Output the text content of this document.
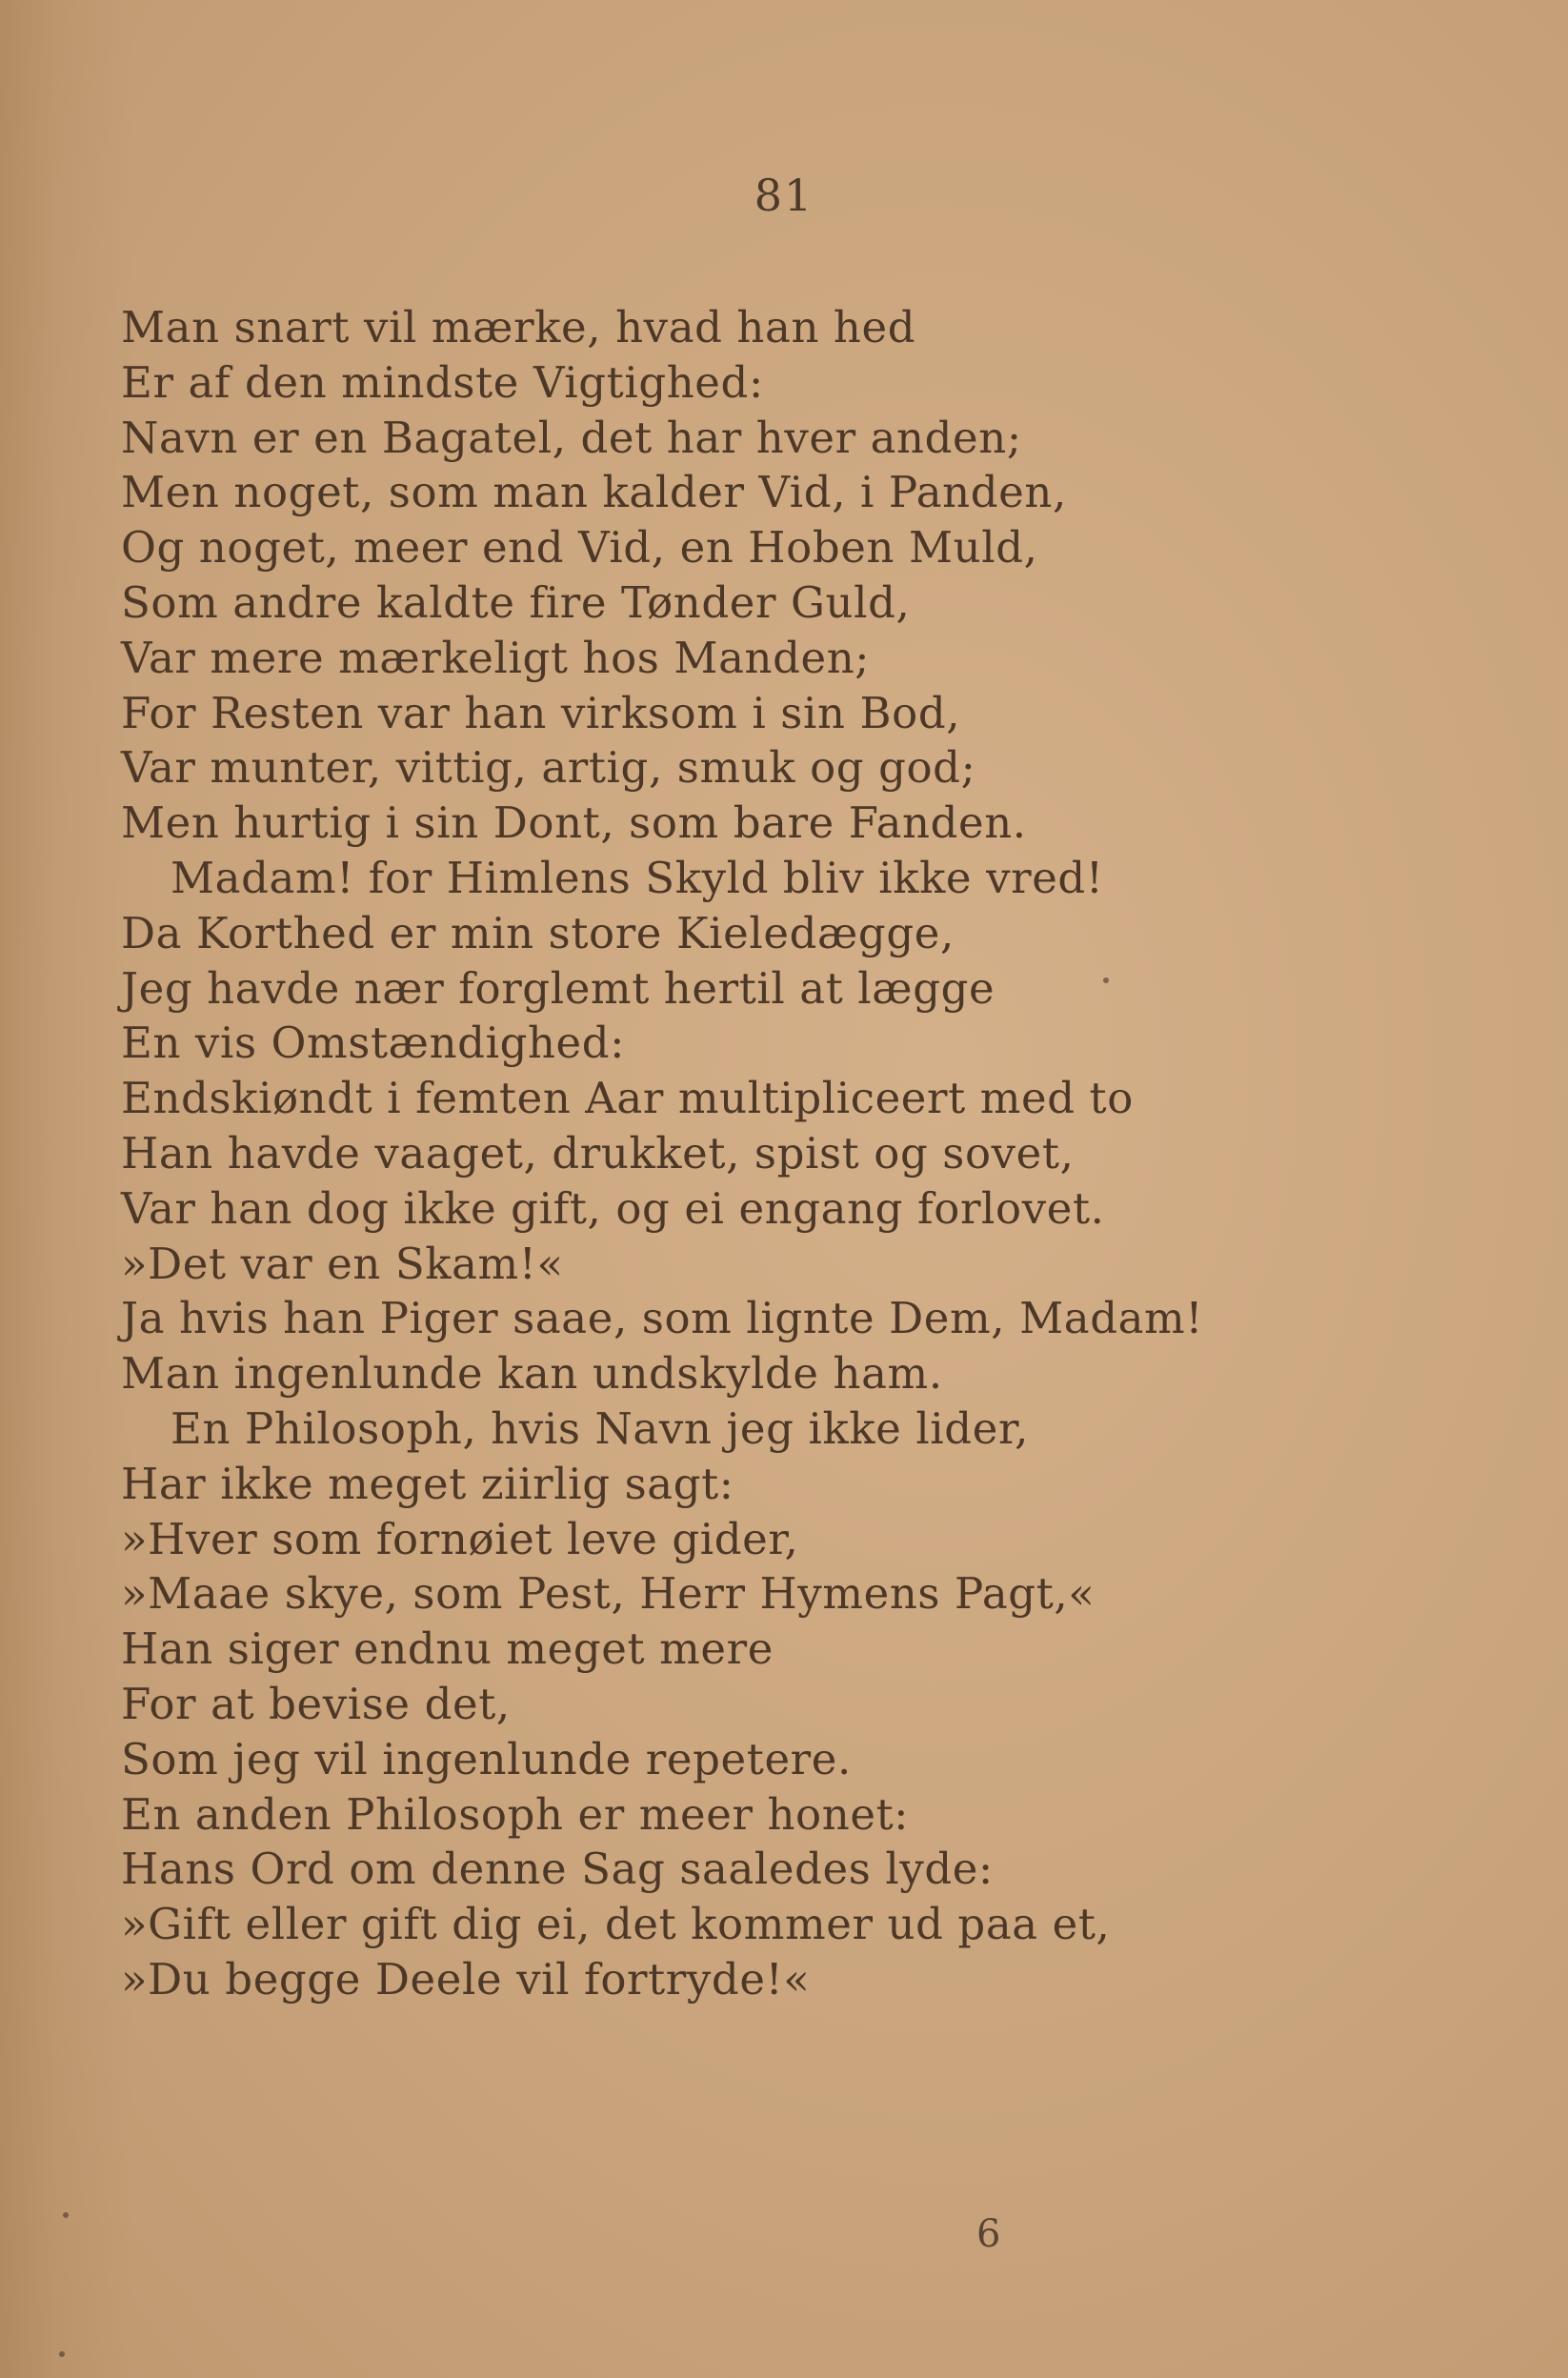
81
Man snart vil mærke, hvad han hed
Er af den mindste Vigtighed:
Navn er en Bagatel, det har hver anden;
Men noget, som man kalder Vid, i Panden,
Og noget, meer end Vid, en Hoben Muld,
Som andre kaldte fire Tønder Guld,
Var mere mærkeligt hos Manden;
For Resten var han virksom i sin Bod,
Var munter, vittig, artig, smuk og god;
Men hurtig i sin Dont, som bare Fanden.
Madam! for Himlens Skyld bliv ikke vred!
Da Korthed er min store Kieledægge,
Jeg havde nær forglemt hertil at lægge
En vis Omstændighed:
Endskiøndt i femten Aar multipliceert med to
Han havde vaaget, drukket, spist og sovet,
Var han dog ikke gift, og ei engang forlovet.
»Det var en Skam!«
Ja hvis han Piger saae, som lignte Dem, Madam!
Man ingenlunde kan undskylde ham.
En Philosoph, hvis Navn jeg ikke lider,
Har ikke meget ziirlig sagt:
»Hver som fornøiet leve gider,
»Maae skye, som Pest, Herr Hymens Pagt,«
Han siger endnu meget mere
For at bevise det,
Som jeg vil ingenlunde repetere.
En anden Philosoph er meer honet:
Hans Ord om denne Sag saaledes lyde:
»Gift eller gift dig ei, det kommer ud paa et,
»Du begge Deele vil fortryde!«
6
